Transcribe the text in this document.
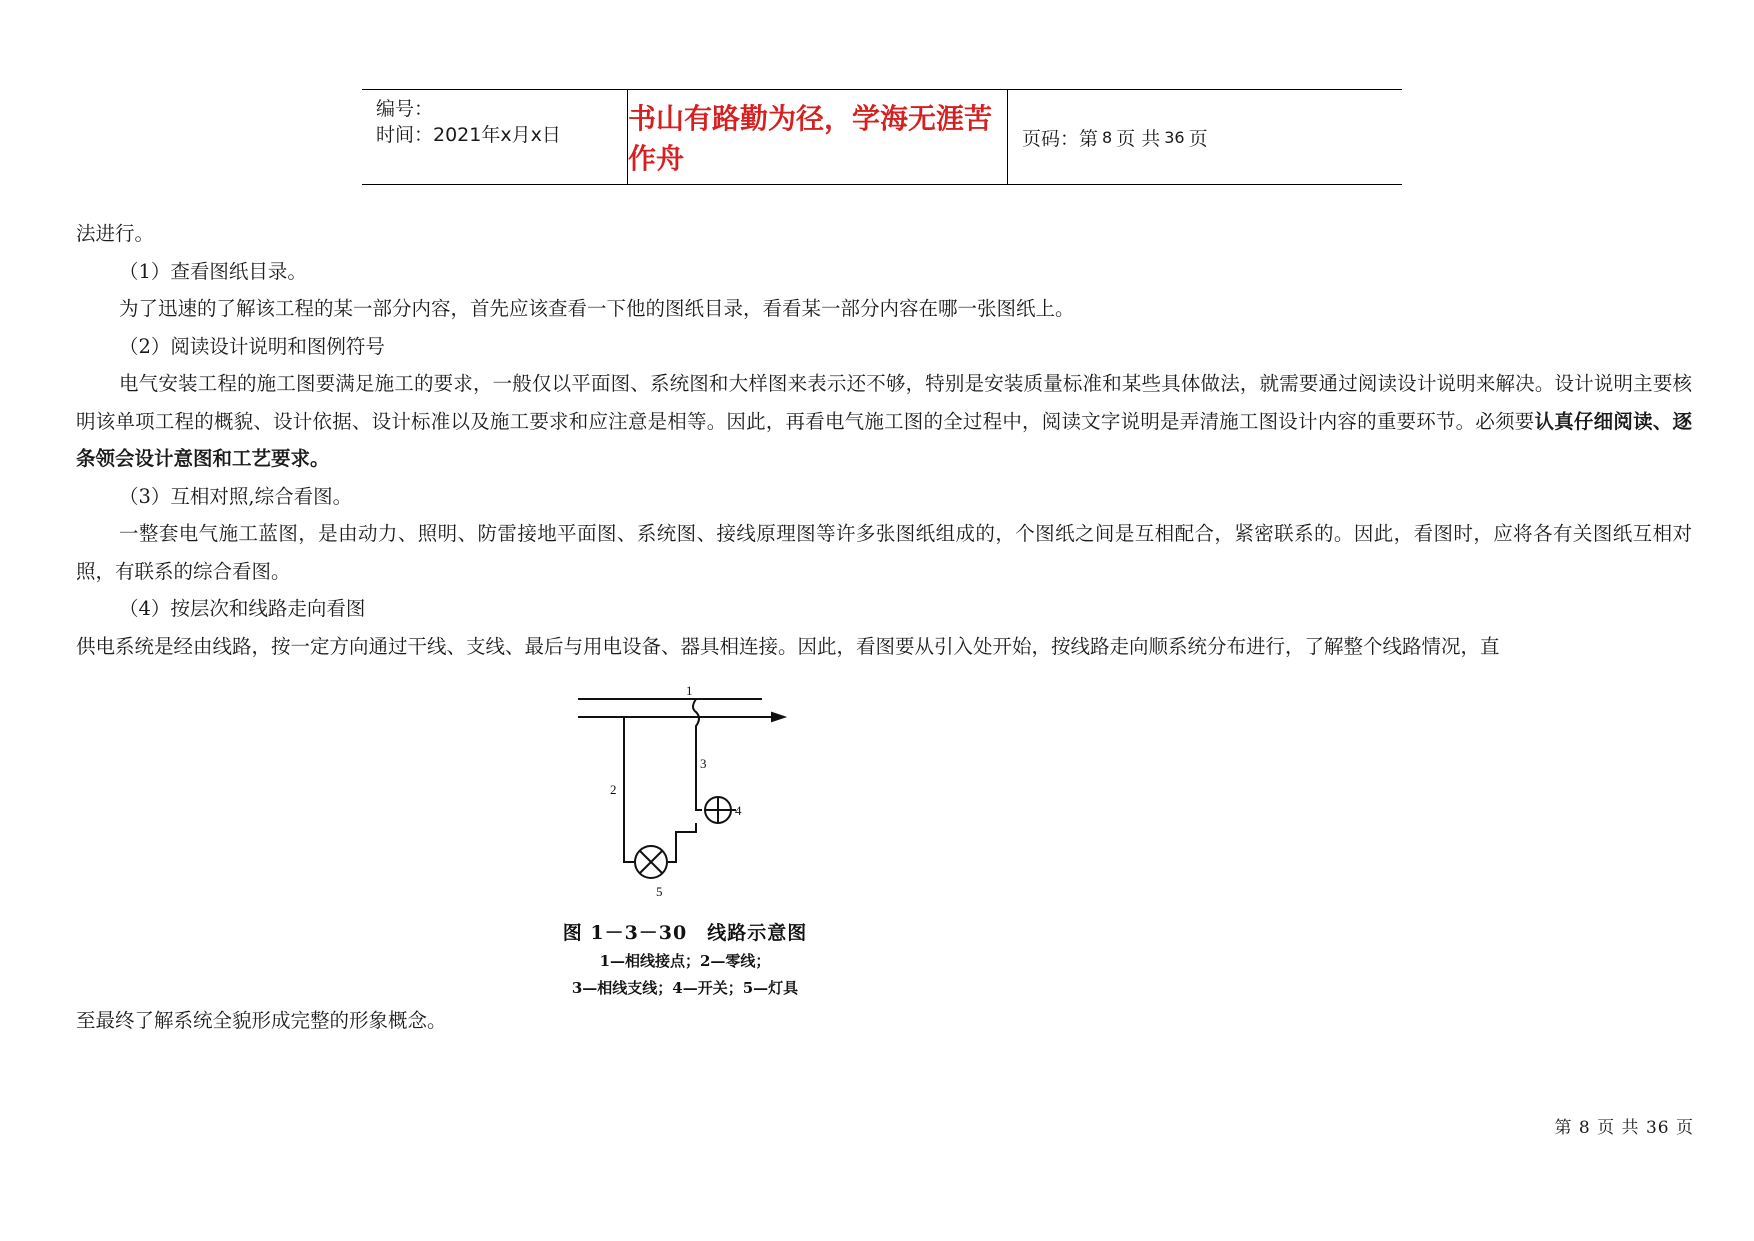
编号：
时间：2021年x月x日 书山有路勤为径，学海无涯苦作舟
页码：第 8 页 共 36 页

法进行。

（1）查看图纸目录。

为了迅速的了解该工程的某一部分内容，首先应该查看一下他的图纸目录，看看某一部分内容在哪一张图纸上。

（2）阅读设计说明和图例符号

电气安装工程的施工图要满足施工的要求，一般仅以平面图、系统图和大样图来表示还不够，特别是安装质量标准和某些具体做法，就需要通过阅读设计说明来解决。设计说明主要核明该单项工程的概貌、设计依据、设计标准以及施工要求和应注意是相等。因此，再看电气施工图的全过程中，阅读文字说明是弄清施工图设计内容的重要环节。必须要认真仔细阅读、逐条领会设计意图和工艺要求。

（3）互相对照,综合看图。

一整套电气施工蓝图，是由动力、照明、防雷接地平面图、系统图、接线原理图等许多张图纸组成的，个图纸之间是互相配合，紧密联系的。因此，看图时，应将各有关图纸互相对照，有联系的综合看图。

（4）按层次和线路走向看图

供电系统是经由线路，按一定方向通过干线、支线、最后与用电设备、器具相连接。因此，看图要从引入处开始，按线路走向顺系统分布进行，了解整个线路情况，直

1
2
3
4
5
图 1－3－30　线路示意图
1—相线接点；2—零线；
3—相线支线；4—开关；5—灯具
至最终了解系统全貌形成完整的形象概念。
第 8 页 共 36 页
